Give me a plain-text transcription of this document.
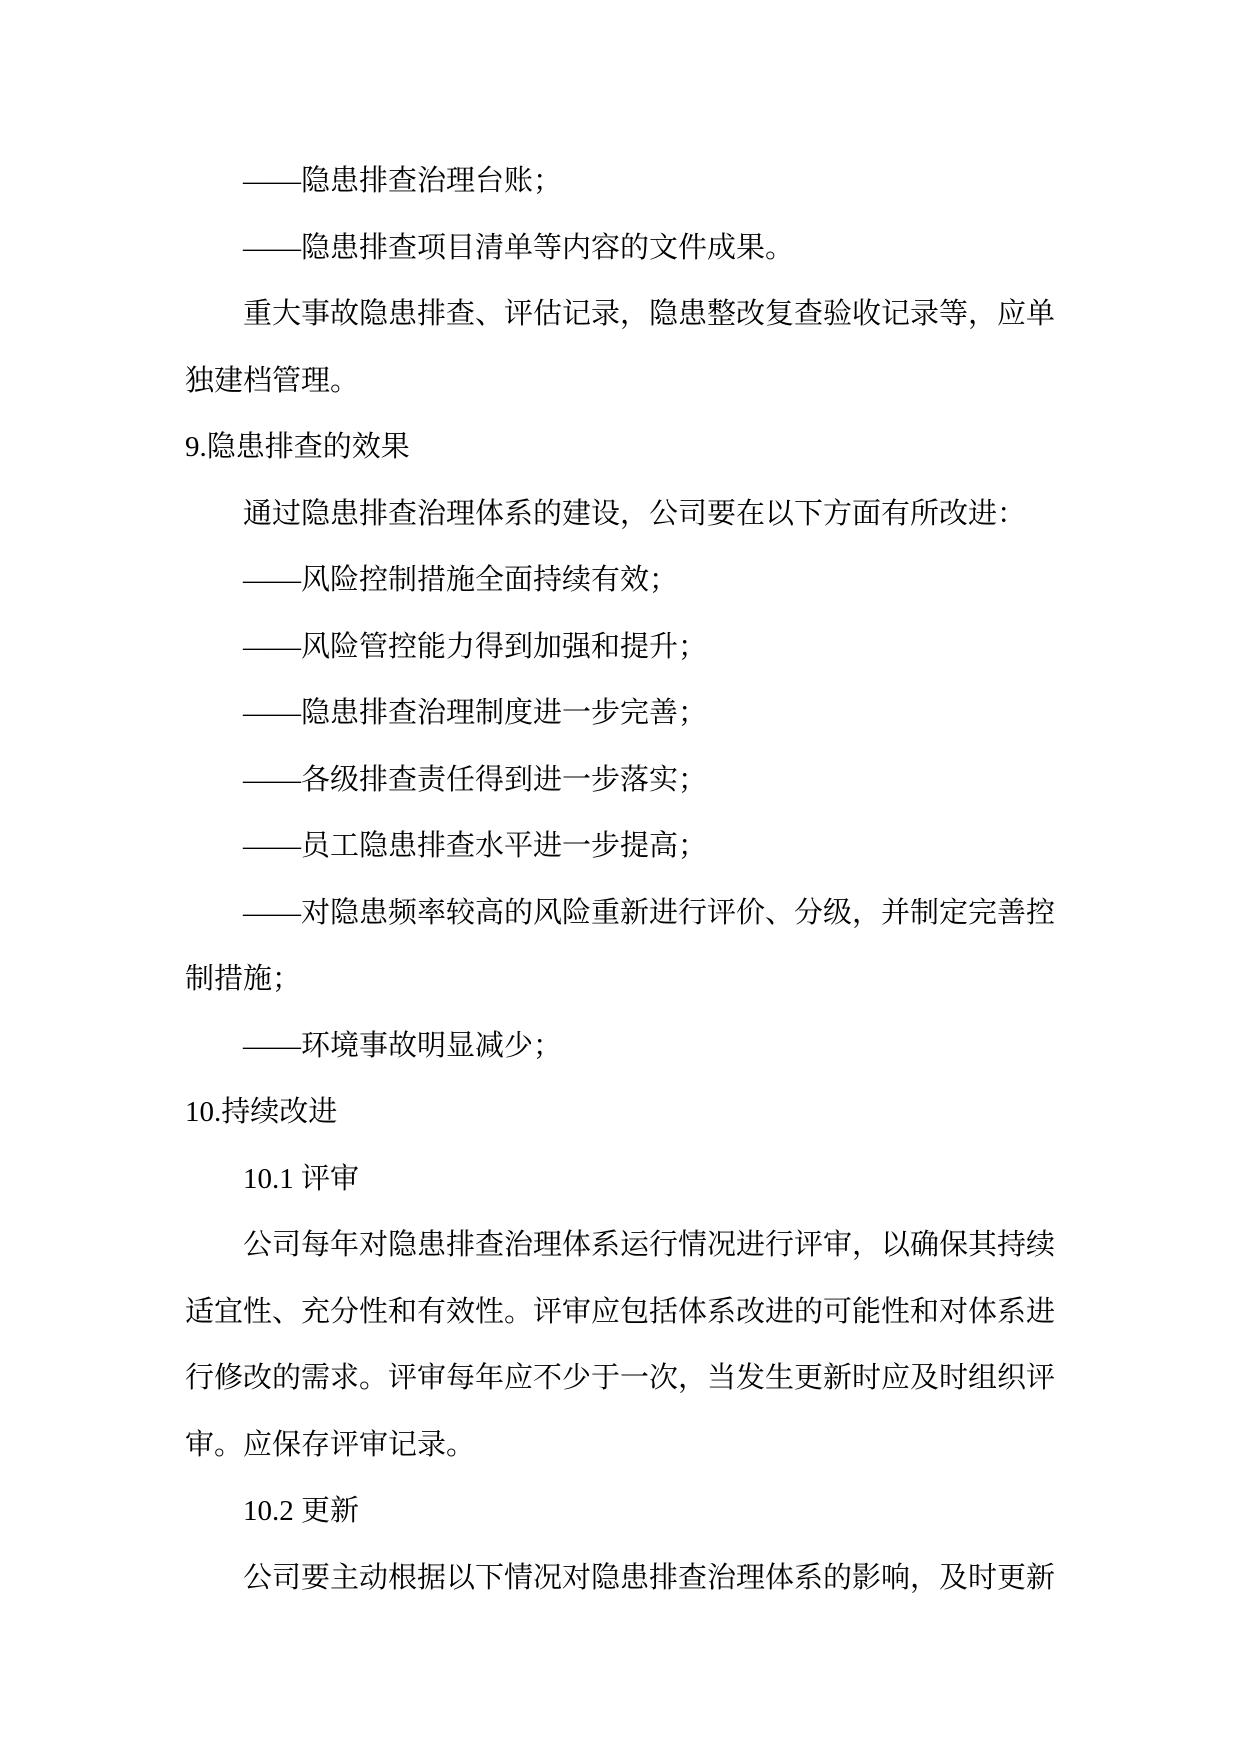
——隐患排查治理台账；
——隐患排查项目清单等内容的文件成果。
重大事故隐患排查、评估记录，隐患整改复查验收记录等，应单
独建档管理。
9.隐患排查的效果
通过隐患排查治理体系的建设，公司要在以下方面有所改进：
——风险控制措施全面持续有效；
——风险管控能力得到加强和提升；
——隐患排查治理制度进一步完善；
——各级排查责任得到进一步落实；
——员工隐患排查水平进一步提高；
——对隐患频率较高的风险重新进行评价、分级，并制定完善控
制措施；
——环境事故明显减少；
10.持续改进
10.1 评审
公司每年对隐患排查治理体系运行情况进行评审，以确保其持续
适宜性、充分性和有效性。评审应包括体系改进的可能性和对体系进
行修改的需求。评审每年应不少于一次，当发生更新时应及时组织评
审。应保存评审记录。
10.2 更新
公司要主动根据以下情况对隐患排查治理体系的影响，及时更新
